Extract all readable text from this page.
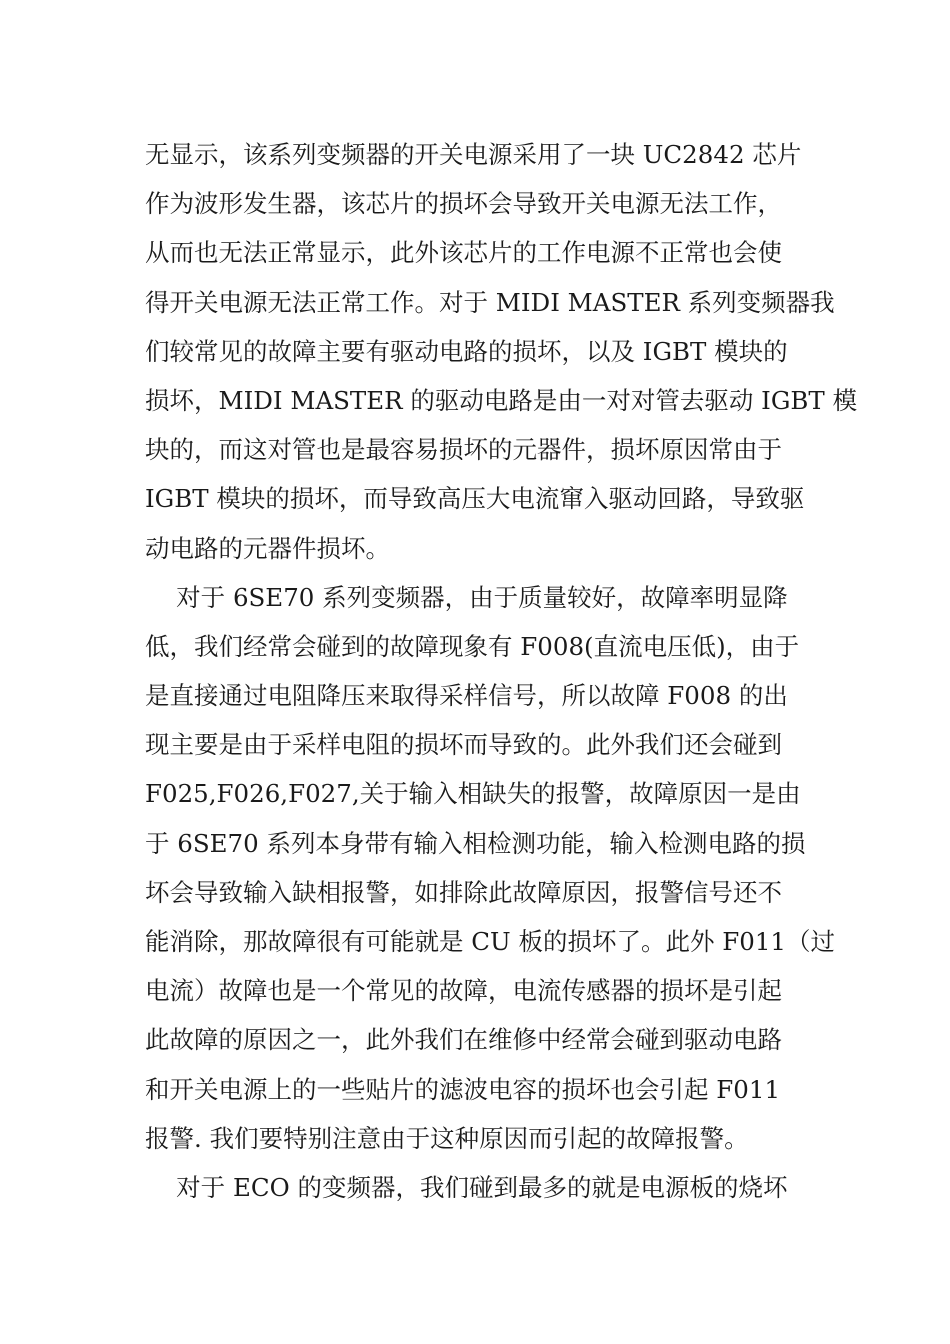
无显示，该系列变频器的开关电源采用了一块 UC2842 芯片
作为波形发生器，该芯片的损坏会导致开关电源无法工作，
从而也无法正常显示，此外该芯片的工作电源不正常也会使
得开关电源无法正常工作。对于 MIDI MASTER 系列变频器我
们较常见的故障主要有驱动电路的损坏，以及 IGBT 模块的
损坏，MIDI MASTER 的驱动电路是由一对对管去驱动 IGBT 模
块的，而这对管也是最容易损坏的元器件，损坏原因常由于
IGBT 模块的损坏，而导致高压大电流窜入驱动回路，导致驱
动电路的元器件损坏。
对于 6SE70 系列变频器，由于质量较好，故障率明显降
低，我们经常会碰到的故障现象有 F008(直流电压低)，由于
是直接通过电阻降压来取得采样信号，所以故障 F008 的出
现主要是由于采样电阻的损坏而导致的。此外我们还会碰到
F025,F026,F027,关于输入相缺失的报警，故障原因一是由
于 6SE70 系列本身带有输入相检测功能，输入检测电路的损
坏会导致输入缺相报警，如排除此故障原因，报警信号还不
能消除，那故障很有可能就是 CU 板的损坏了。此外 F011（过
电流）故障也是一个常见的故障，电流传感器的损坏是引起
此故障的原因之一，此外我们在维修中经常会碰到驱动电路
和开关电源上的一些贴片的滤波电容的损坏也会引起 F011
报警. 我们要特别注意由于这种原因而引起的故障报警。
对于 ECO 的变频器，我们碰到最多的就是电源板的烧坏
